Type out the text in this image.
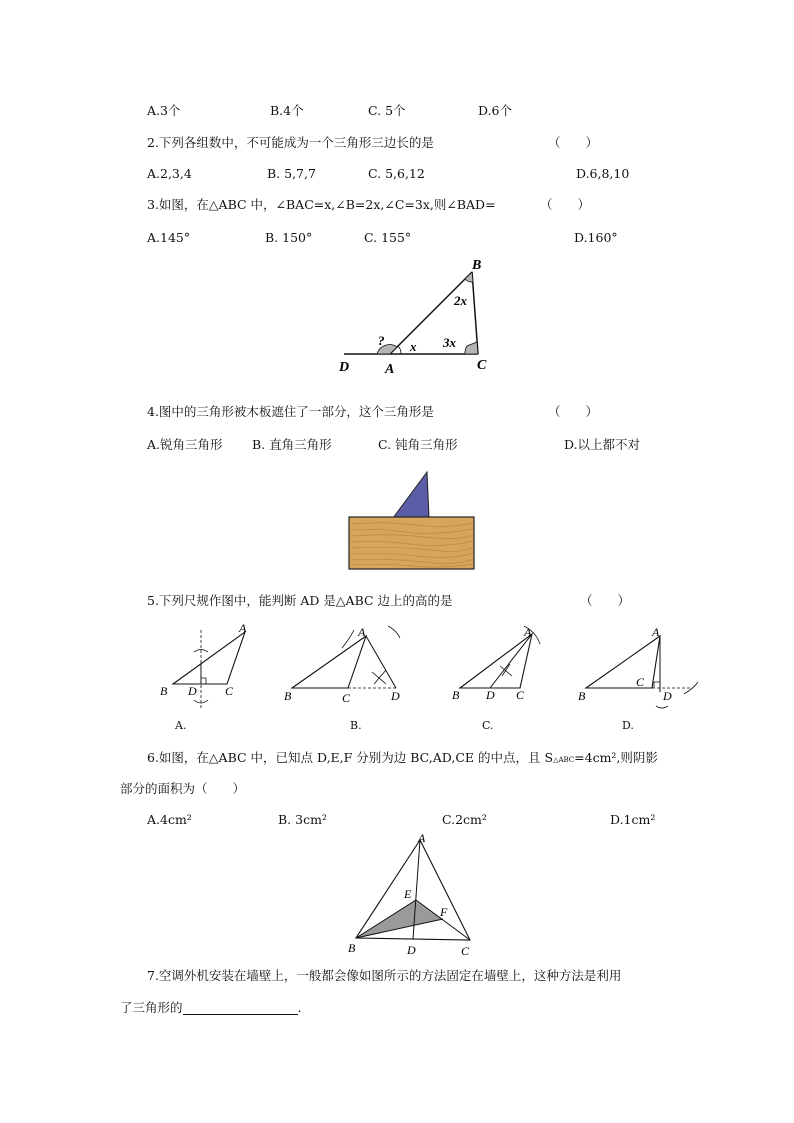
A.3个	B.4个	C. 5个	D.6个
2.下列各组数中，不可能成为一个三角形三边长的是	（　　）
A.2,3,4	B. 5,7,7	C. 5,6,12	D.6,8,10
3.如图，在△ABC 中，∠BAC=x,∠B=2x,∠C=3x,则∠BAD=	（　　）
A.145°	B. 150°	C. 155°	D.160°
B
2x
3x
? x
D	A	C
4.图中的三角形被木板遮住了一部分，这个三角形是	（　　）
A.锐角三角形 B. 直角三角形	C. 钝角三角形	D.以上都不对
5.下列尺规作图中，能判断 AD 是△ABC 边上的高的是	（　　）
A
B D C
A.
A
B	C	D
B.
A
B D C
C.
A
B
C
D
D.
6.如图，在△ABC 中，已知点 D,E,F 分别为边 BC,AD,CE 的中点，且 S△ABC=4cm²,则阴影
部分的面积为（　　）
A.4cm²	B. 3cm²	C.2cm²	D.1cm²
A
E
F
B	D	C
7.空调外机安装在墙壁上，一般都会像如图所示的方法固定在墙壁上，这种方法是利用
了三角形的	.
